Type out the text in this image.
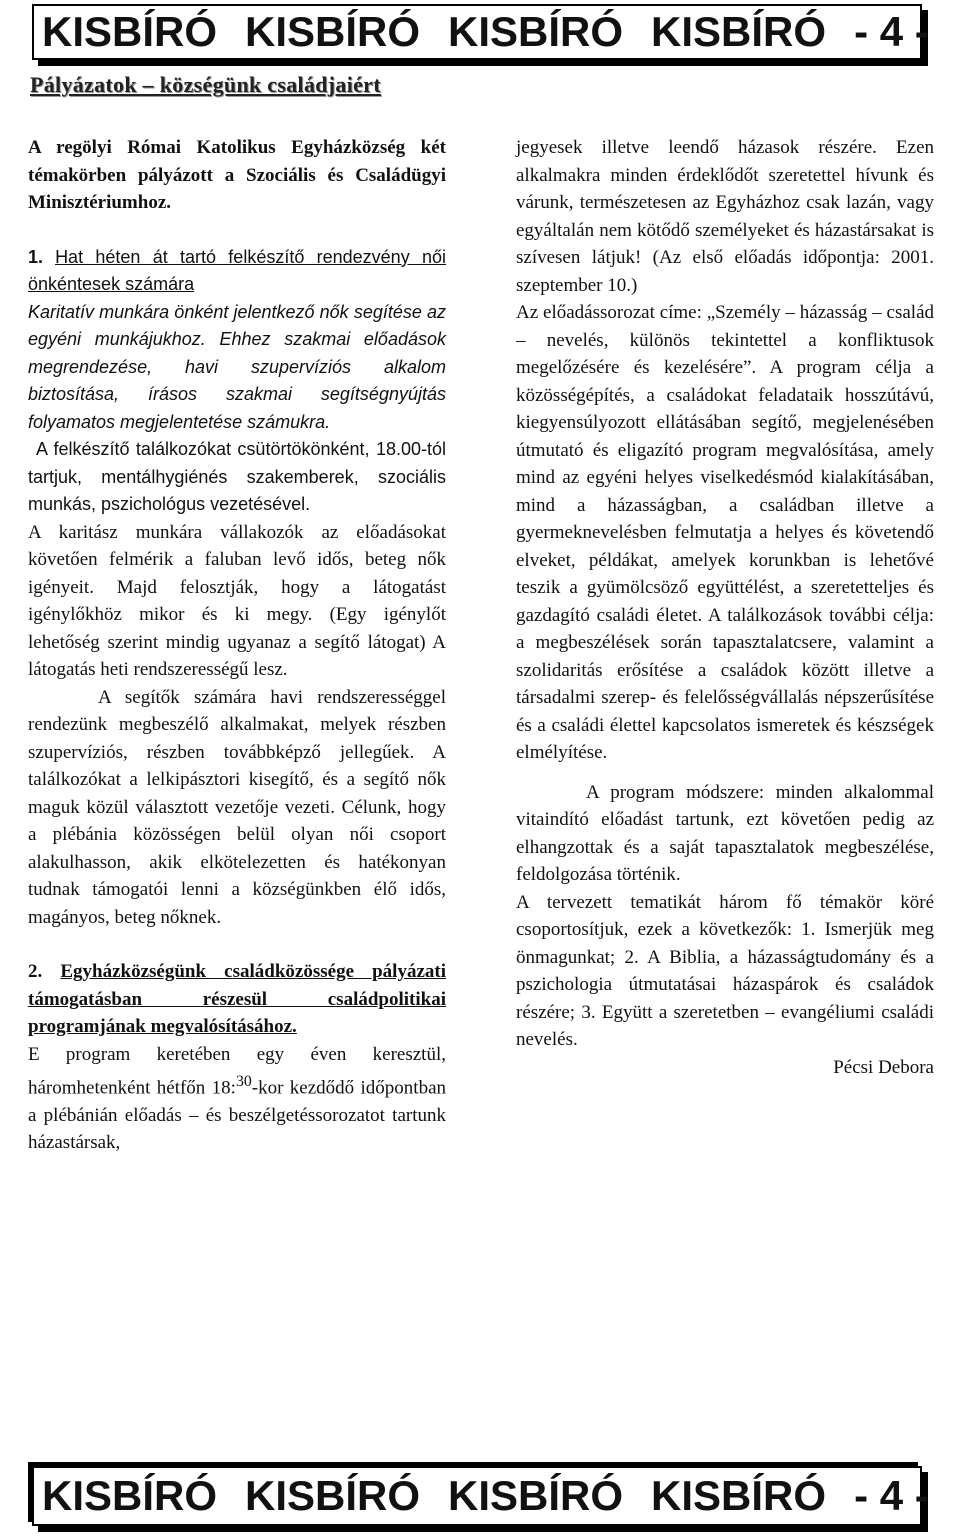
KISBÍRÓ KISBÍRÓ KISBÍRÓ KISBÍRÓ - 4 -
Pályázatok – községünk családjaiért

A regölyi Római Katolikus Egyházközség két témakörben pályázott a Szociális és Családügyi Minisztériumhoz.

1. Hat héten át tartó felkészítő rendezvény női önkéntesek számára

Karitatív munkára önként jelentkező nők segítése az egyéni munkájukhoz. Ehhez szakmai előadások megrendezése, havi szupervíziós alkalom biztosítása, írásos szakmai segítségnyújtás folyamatos megjelentetése számukra.

A felkészítő találkozókat csütörtökönként, 18.00-tól tartjuk, mentálhygiénés szakemberek, szociális munkás, pszichológus vezetésével.

A karitász munkára vállakozók az előadásokat követően felmérik a faluban levő idős, beteg nők igényeit. Majd felosztják, hogy a látogatást igénylőkhöz mikor és ki megy. (Egy igénylőt lehetőség szerint mindig ugyanaz a segítő látogat) A látogatás heti rendszerességű lesz.

A segítők számára havi rendszerességgel rendezünk megbeszélő alkalmakat, melyek részben szupervíziós, részben továbbképző jellegűek. A találkozókat a lelkipásztori kisegítő, és a segítő nők maguk közül választott vezetője vezeti. Célunk, hogy a plébánia közösségen belül olyan női csoport alakulhasson, akik elkötelezetten és hatékonyan tudnak támogatói lenni a községünkben élő idős, magányos, beteg nőknek.

2. Egyházközségünk családközössége pályázati támogatásban részesül családpolitikai programjának megvalósításához.

E program keretében egy éven keresztül, háromhetenként hétfőn 18:$^{30}$-kor kezdődő időpontban a plébánián előadás – és beszélgetéssorozatot tartunk házastársak,

jegyesek illetve leendő házasok részére. Ezen alkalmakra minden érdeklődőt szeretettel hívunk és várunk, természetesen az Egyházhoz csak lazán, vagy egyáltalán nem kötődő személyeket és házastársakat is szívesen látjuk! (Az első előadás időpontja: 2001. szeptember 10.)

Az előadássorozat címe: „Személy – házasság – család – nevelés, különös tekintettel a konfliktusok megelőzésére és kezelésére”. A program célja a közösségépítés, a családokat feladataik hosszútávú, kiegyensúlyozott ellátásában segítő, megjelenésében útmutató és eligazító program megvalósítása, amely mind az egyéni helyes viselkedésmód kialakításában, mind a házasságban, a családban illetve a gyermeknevelésben felmutatja a helyes és követendő elveket, példákat, amelyek korunkban is lehetővé teszik a gyümölcsöző együttélést, a szeretetteljes és gazdagító családi életet. A találkozások további célja: a megbeszélések során tapasztalatcsere, valamint a szolidaritás erősítése a családok között illetve a társadalmi szerep- és felelősségvállalás népszerűsítése és a családi élettel kapcsolatos ismeretek és készségek elmélyítése.

A program módszere: minden alkalommal vitaindító előadást tartunk, ezt követően pedig az elhangzottak és a saját tapasztalatok megbeszélése, feldolgozása történik.

A tervezett tematikát három fő témakör köré csoportosítjuk, ezek a következők: 1. Ismerjük meg önmagunkat; 2. A Biblia, a házasságtudomány és a pszichologia útmutatásai házaspárok és családok részére; 3. Együtt a szeretetben – evangéliumi családi nevelés.

Pécsi Debora

KISBÍRÓ KISBÍRÓ KISBÍRÓ KISBÍRÓ - 4 -
